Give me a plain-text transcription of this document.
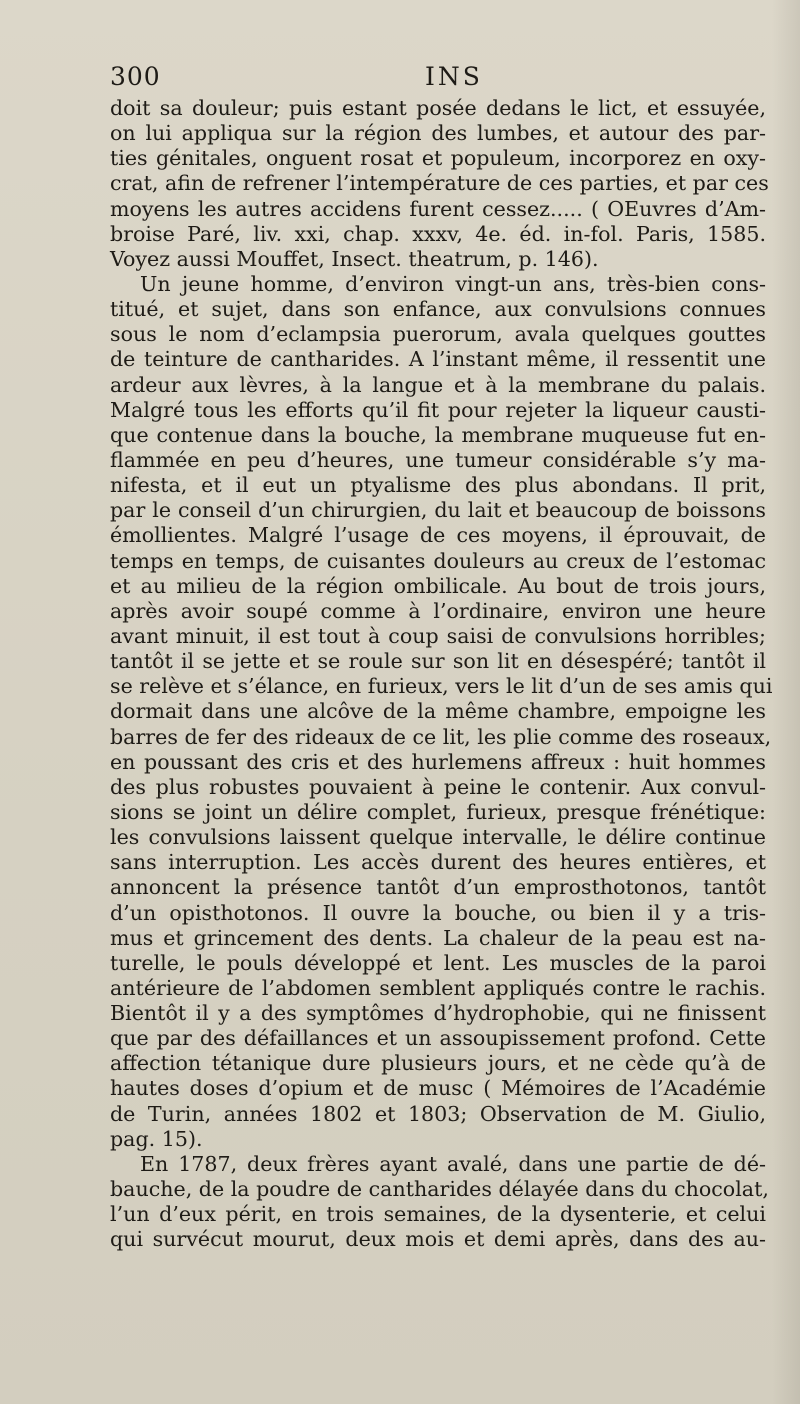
300	INS
doit sa douleur; puis estant posée dedans le lict, et essuyée,
on lui appliqua sur la région des lumbes, et autour des par-
ties génitales, onguent rosat et populeum, incorporez en oxy-
crat, afin de refrener l’intempérature de ces parties, et par ces
moyens les autres accidens furent cessez..... ( OEuvres d’Am-
broise Paré, liv. xxi, chap. xxxv, 4e. éd. in-fol. Paris, 1585.
Voyez aussi Mouffet, Insect. theatrum, p. 146).
Un jeune homme, d’environ vingt-un ans, très-bien cons-
titué, et sujet, dans son enfance, aux convulsions connues
sous le nom d’eclampsia puerorum, avala quelques gouttes
de teinture de cantharides. A l’instant même, il ressentit une
ardeur aux lèvres, à la langue et à la membrane du palais.
Malgré tous les efforts qu’il fit pour rejeter la liqueur causti-
que contenue dans la bouche, la membrane muqueuse fut en-
flammée en peu d’heures, une tumeur considérable s’y ma-
nifesta, et il eut un ptyalisme des plus abondans. Il prit,
par le conseil d’un chirurgien, du lait et beaucoup de boissons
émollientes. Malgré l’usage de ces moyens, il éprouvait, de
temps en temps, de cuisantes douleurs au creux de l’estomac
et au milieu de la région ombilicale. Au bout de trois jours,
après avoir soupé comme à l’ordinaire, environ une heure
avant minuit, il est tout à coup saisi de convulsions horribles;
tantôt il se jette et se roule sur son lit en désespéré; tantôt il
se relève et s’élance, en furieux, vers le lit d’un de ses amis qui
dormait dans une alcôve de la même chambre, empoigne les
barres de fer des rideaux de ce lit, les plie comme des roseaux,
en poussant des cris et des hurlemens affreux : huit hommes
des plus robustes pouvaient à peine le contenir. Aux convul-
sions se joint un délire complet, furieux, presque frénétique:
les convulsions laissent quelque intervalle, le délire continue
sans interruption. Les accès durent des heures entières, et
annoncent la présence tantôt d’un emprosthotonos, tantôt
d’un opisthotonos. Il ouvre la bouche, ou bien il y a tris-
mus et grincement des dents. La chaleur de la peau est na-
turelle, le pouls développé et lent. Les muscles de la paroi
antérieure de l’abdomen semblent appliqués contre le rachis.
Bientôt il y a des symptômes d’hydrophobie, qui ne finissent
que par des défaillances et un assoupissement profond. Cette
affection tétanique dure plusieurs jours, et ne cède qu’à de
hautes doses d’opium et de musc ( Mémoires de l’Académie
de Turin, années 1802 et 1803; Observation de M. Giulio,
pag. 15).
En 1787, deux frères ayant avalé, dans une partie de dé-
bauche, de la poudre de cantharides délayée dans du chocolat,
l’un d’eux périt, en trois semaines, de la dysenterie, et celui
qui survécut mourut, deux mois et demi après, dans des au-
